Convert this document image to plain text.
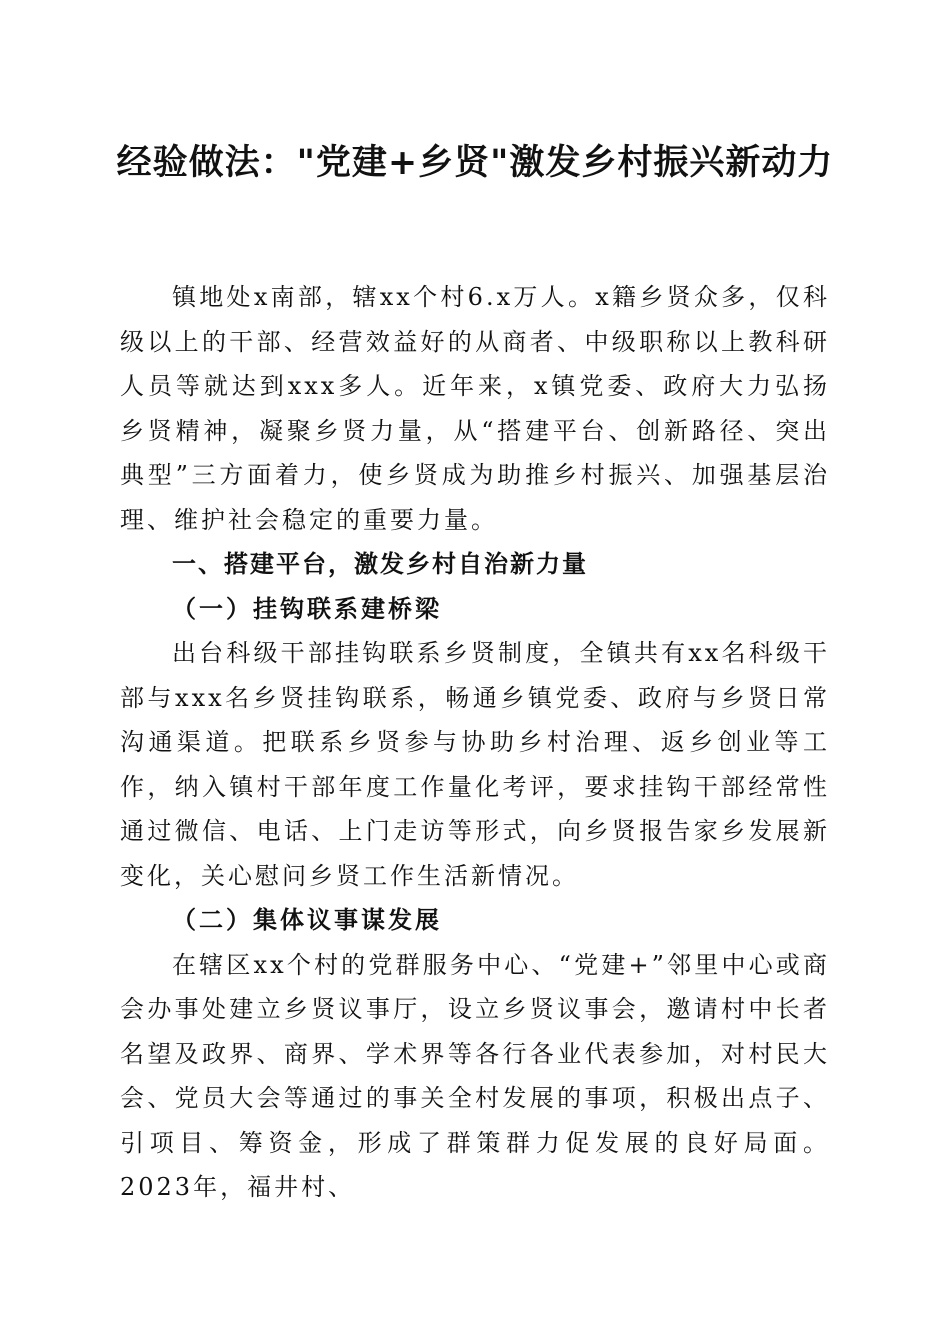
经验做法："党建+乡贤"激发乡村振兴新动力

镇地处x南部，辖xx个村6.x万人。x籍乡贤众多，仅科级以上的干部、经营效益好的从商者、中级职称以上教科研人员等就达到xxx多人。近年来，x镇党委、政府大力弘扬乡贤精神，凝聚乡贤力量，从“搭建平台、创新路径、突出典型”三方面着力，使乡贤成为助推乡村振兴、加强基层治理、维护社会稳定的重要力量。

一、搭建平台，激发乡村自治新力量

（一）挂钩联系建桥梁

出台科级干部挂钩联系乡贤制度，全镇共有xx名科级干部与xxx名乡贤挂钩联系，畅通乡镇党委、政府与乡贤日常沟通渠道。把联系乡贤参与协助乡村治理、返乡创业等工作，纳入镇村干部年度工作量化考评，要求挂钩干部经常性通过微信、电话、上门走访等形式，向乡贤报告家乡发展新变化，关心慰问乡贤工作生活新情况。

（二）集体议事谋发展

在辖区xx个村的党群服务中心、“党建+”邻里中心或商会办事处建立乡贤议事厅，设立乡贤议事会，邀请村中长者名望及政界、商界、学术界等各行各业代表参加，对村民大会、党员大会等通过的事关全村发展的事项，积极出点子、引项目、筹资金，形成了群策群力促发展的良好局面。2023年，福井村、
